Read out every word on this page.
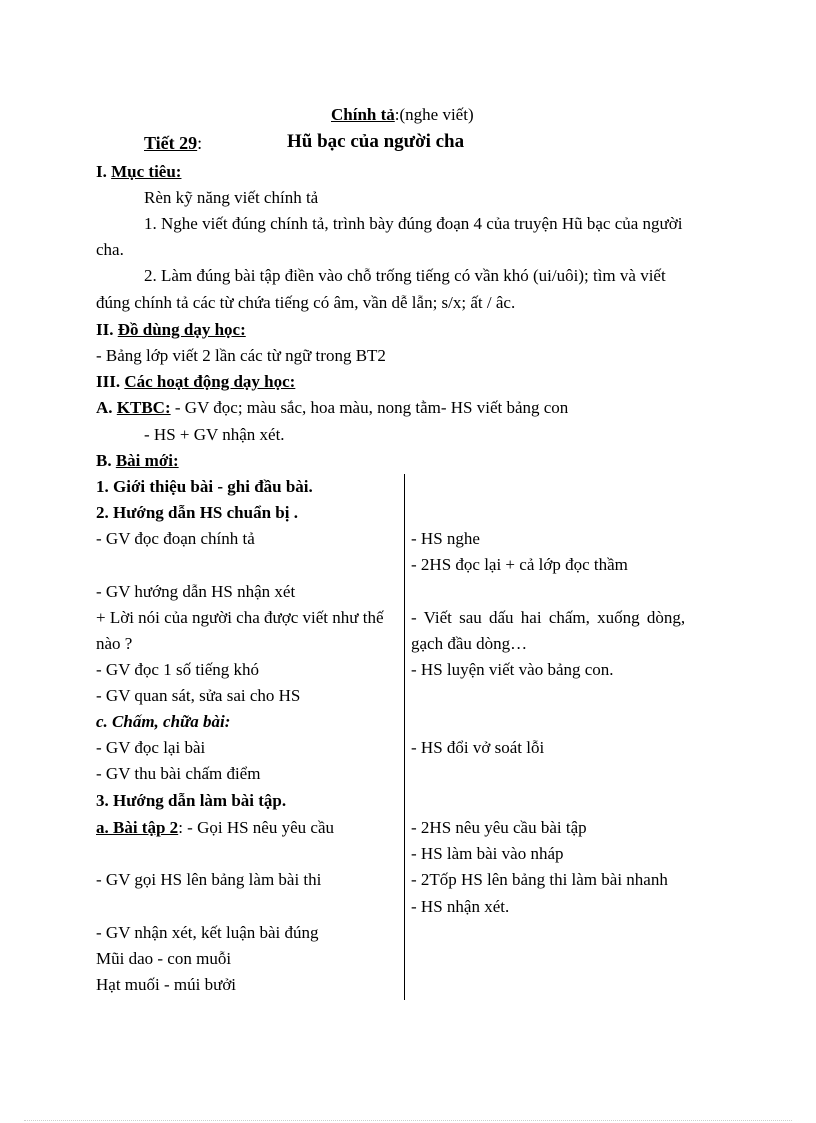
Chính tả:(nghe viết)
Tiết 29:	Hũ bạc của người cha
I. Mục tiêu:
Rèn kỹ năng viết chính tả
1. Nghe viết đúng chính tả, trình bày đúng đoạn 4 của truyện Hũ bạc của người
cha.
2. Làm đúng bài tập điền vào chỗ trống tiếng có vần khó (ui/uôi); tìm và viết
đúng chính tả các từ chứa tiếng có âm, vần dễ lẫn; s/x; ất / âc.
II. Đồ dùng dạy học:
- Bảng lớp viết 2 lần các từ ngữ trong BT2
III. Các hoạt động dạy học:
A. KTBC: - GV đọc; màu sắc, hoa màu, nong tằm- HS viết bảng con
- HS + GV nhận xét.
B. Bài mới:
1. Giới thiệu bài - ghi đầu bài.
2. Hướng dẫn HS chuẩn bị .
- GV đọc đoạn chính tả
- GV hướng dẫn HS nhận xét
+ Lời nói của người cha được viết như thế
nào ?
- GV đọc 1 số tiếng khó
- GV quan sát, sửa sai cho HS
c. Chấm, chữa bài:
- GV đọc lại bài
- GV thu bài chấm điểm
3. Hướng dẫn làm bài tập.
a. Bài tập 2: - Gọi HS nêu yêu cầu
- GV gọi HS lên bảng làm bài thi
- GV nhận xét, kết luận bài đúng
Mũi dao - con muỗi
Hạt muối - múi bưởi
- HS nghe
- 2HS đọc lại + cả lớp đọc thầm
- Viết sau dấu hai chấm, xuống dòng,
gạch đầu dòng…
- HS luyện viết vào bảng con.
- HS đổi vở soát lỗi
- 2HS nêu yêu cầu bài tập
- HS làm bài vào nháp
- 2Tốp HS lên bảng thi làm bài nhanh
- HS nhận xét.
